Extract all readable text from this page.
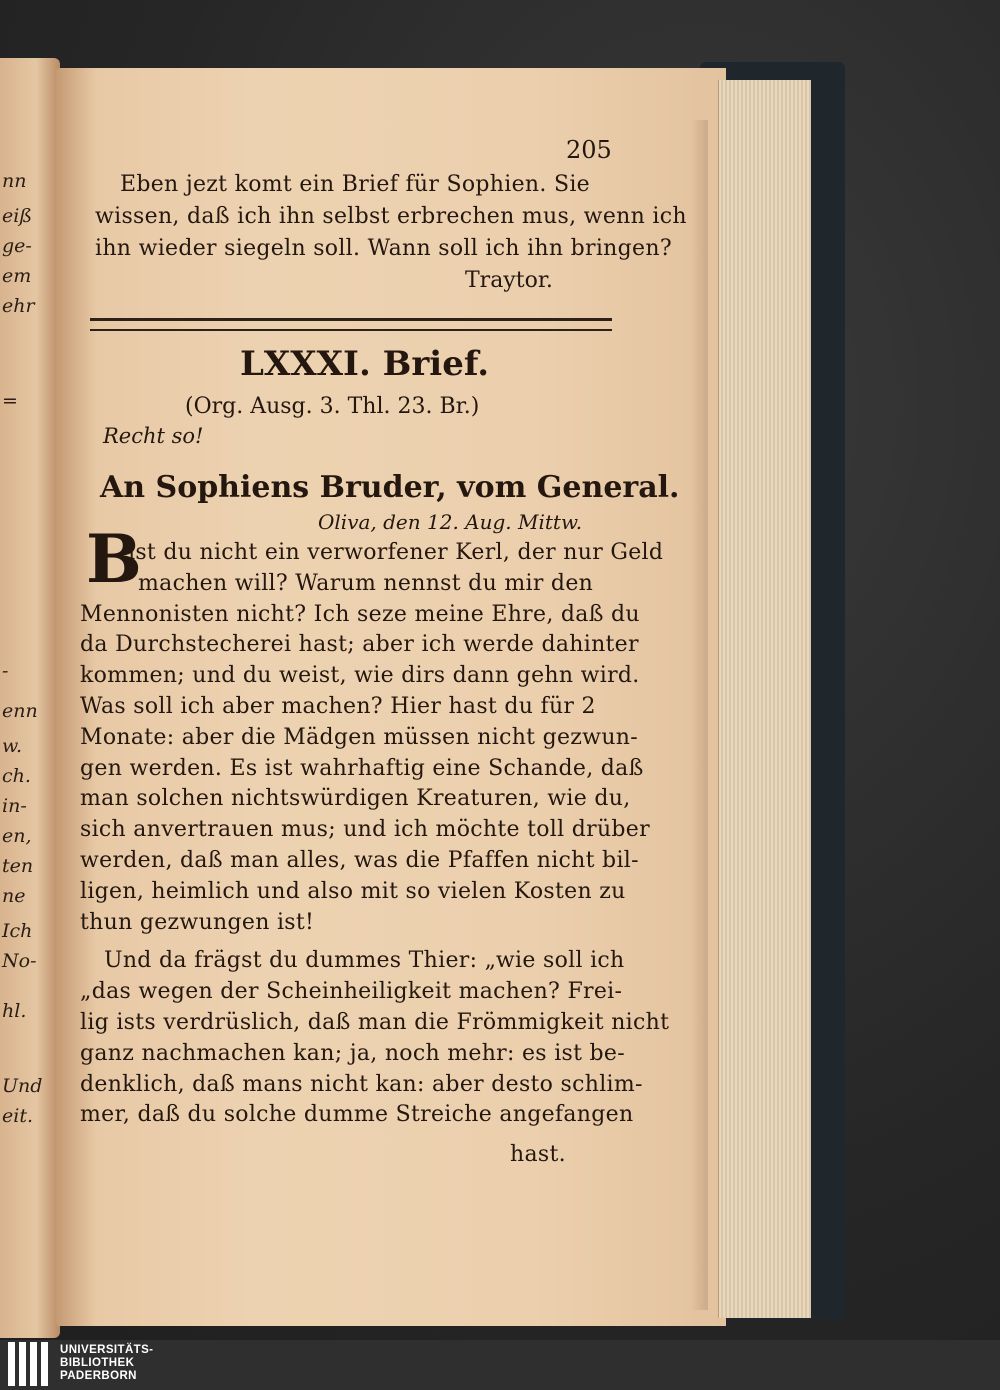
nn
eiß
ge-
em
ehr
=
-
enn
w.
ch.
in-
en,
ten
ne
Ich
No-
hl.
Und
eit.
205
Eben jezt komt ein Brief für Sophien. Sie
wissen, daß ich ihn selbst erbrechen mus, wenn ich
ihn wieder siegeln soll. Wann soll ich ihn bringen?
Traytor.
LXXXI. Brief.
(Org. Ausg. 3. Thl. 23. Br.)
Recht so!
An Sophiens Bruder, vom General.
Oliva, den 12. Aug. Mittw.
B
ist du nicht ein verworfener Kerl, der nur Geld
machen will? Warum nennst du mir den
Mennonisten nicht? Ich seze meine Ehre, daß du
da Durchstecherei hast; aber ich werde dahinter
kommen; und du weist, wie dirs dann gehn wird.
Was soll ich aber machen? Hier hast du für 2
Monate: aber die Mädgen müssen nicht gezwun-
gen werden. Es ist wahrhaftig eine Schande, daß
man solchen nichtswürdigen Kreaturen, wie du,
sich anvertrauen mus; und ich möchte toll drüber
werden, daß man alles, was die Pfaffen nicht bil-
ligen, heimlich und also mit so vielen Kosten zu
thun gezwungen ist!
Und da frägst du dummes Thier: „wie soll ich
„das wegen der Scheinheiligkeit machen? Frei-
lig ists verdrüslich, daß man die Frömmigkeit nicht
ganz nachmachen kan; ja, noch mehr: es ist be-
denklich, daß mans nicht kan: aber desto schlim-
mer, daß du solche dumme Streiche angefangen
hast.
UNIVERSITÄTS-
BIBLIOTHEK
PADERBORN
